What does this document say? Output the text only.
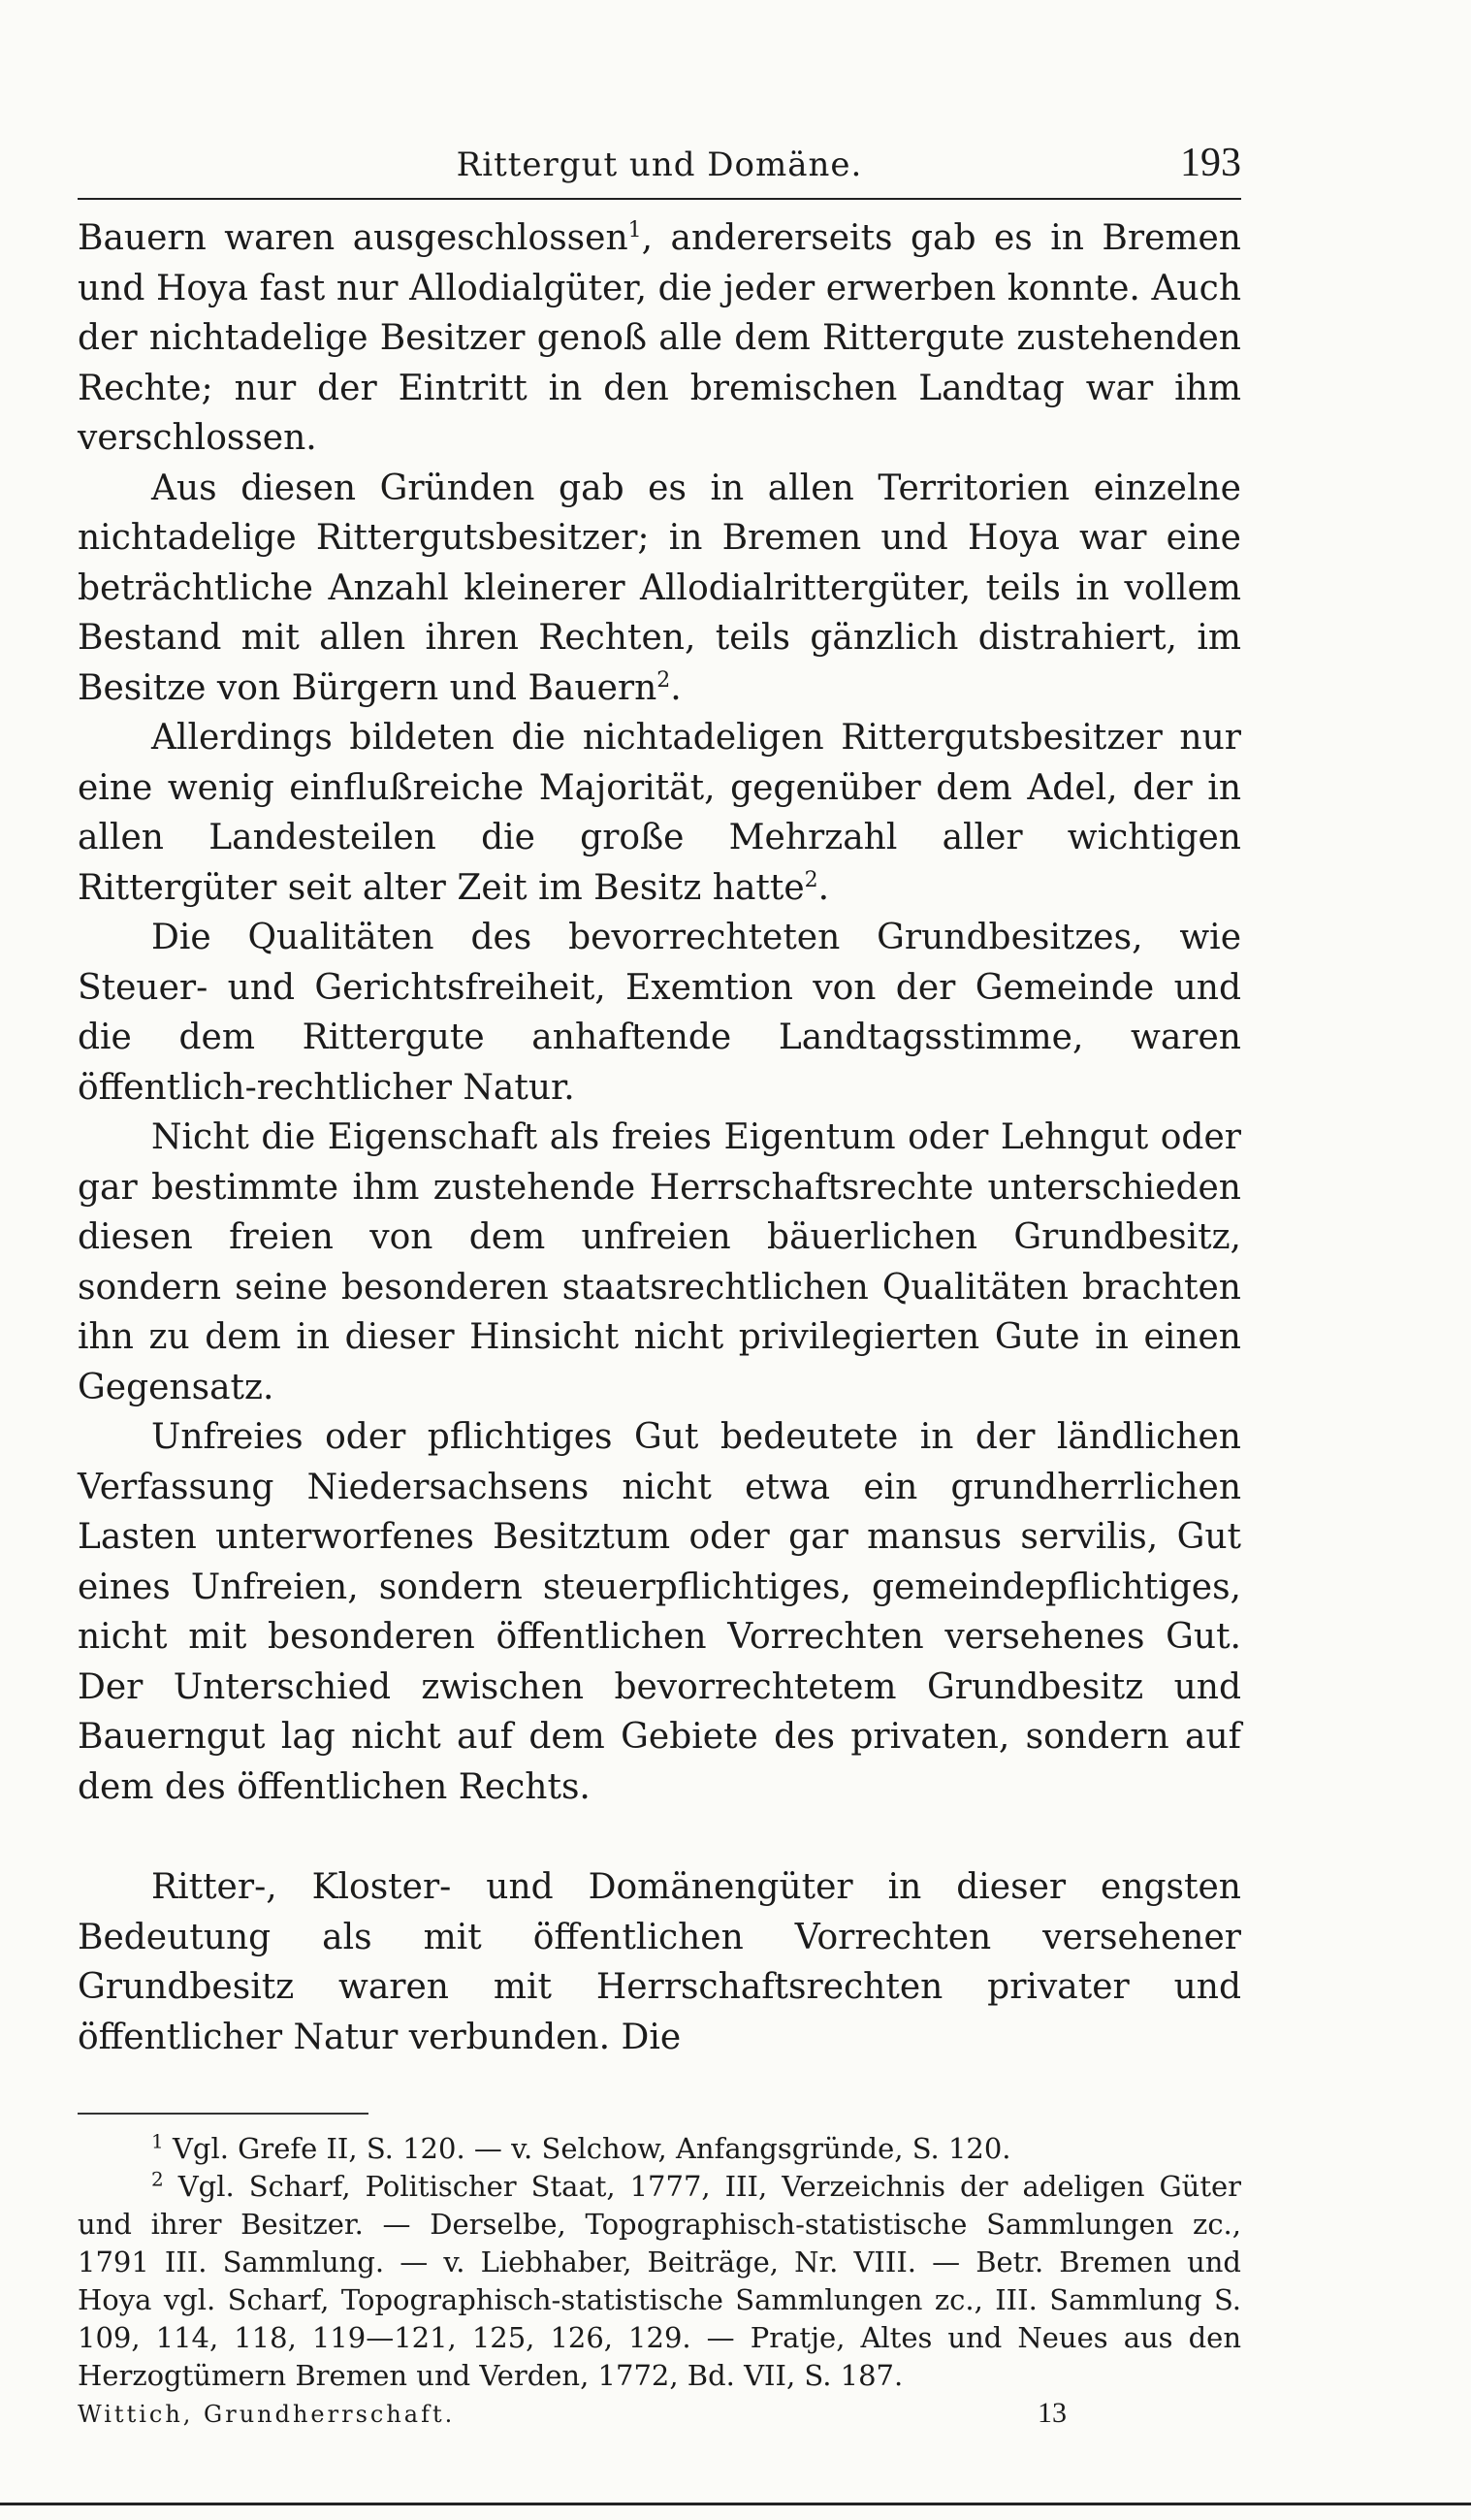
Rittergut und Domäne.	193

Bauern waren ausgeschlossen$^1$, andererseits gab es in Bremen und Hoya fast nur Allodialgüter, die jeder erwerben konnte. Auch der nichtadelige Besitzer genoß alle dem Rittergute zustehenden Rechte; nur der Eintritt in den bremischen Landtag war ihm verschlossen.

Aus diesen Gründen gab es in allen Territorien einzelne nichtadelige Rittergutsbesitzer; in Bremen und Hoya war eine beträchtliche Anzahl kleinerer Allodialrittergüter, teils in vollem Bestand mit allen ihren Rechten, teils gänzlich distrahiert, im Besitze von Bürgern und Bauern$^2$.

Allerdings bildeten die nichtadeligen Rittergutsbesitzer nur eine wenig einflußreiche Majorität, gegenüber dem Adel, der in allen Landesteilen die große Mehrzahl aller wichtigen Rittergüter seit alter Zeit im Besitz hatte$^2$.

Die Qualitäten des bevorrechteten Grundbesitzes, wie Steuer- und Gerichtsfreiheit, Exemtion von der Gemeinde und die dem Rittergute anhaftende Landtagsstimme, waren öffentlich-rechtlicher Natur.

Nicht die Eigenschaft als freies Eigentum oder Lehngut oder gar bestimmte ihm zustehende Herrschaftsrechte unterschieden diesen freien von dem unfreien bäuerlichen Grundbesitz, sondern seine besonderen staatsrechtlichen Qualitäten brachten ihn zu dem in dieser Hinsicht nicht privilegierten Gute in einen Gegensatz.

Unfreies oder pflichtiges Gut bedeutete in der ländlichen Verfassung Niedersachsens nicht etwa ein grundherrlichen Lasten unterworfenes Besitztum oder gar mansus servilis, Gut eines Unfreien, sondern steuerpflichtiges, gemeindepflichtiges, nicht mit besonderen öffentlichen Vorrechten versehenes Gut. Der Unterschied zwischen bevorrechtetem Grundbesitz und Bauerngut lag nicht auf dem Gebiete des privaten, sondern auf dem des öffentlichen Rechts.

Ritter-, Kloster- und Domänengüter in dieser engsten Bedeutung als mit öffentlichen Vorrechten versehener Grundbesitz waren mit Herrschaftsrechten privater und öffentlicher Natur verbunden. Die

$^1$ Vgl. Grefe II, S. 120. — v. Selchow, Anfangsgründe, S. 120.

$^2$ Vgl. Scharf, Politischer Staat, 1777, III, Verzeichnis der adeligen Güter und ihrer Besitzer. — Derselbe, Topographisch-statistische Sammlungen zc., 1791 III. Sammlung. — v. Liebhaber, Beiträge, Nr. VIII. — Betr. Bremen und Hoya vgl. Scharf, Topographisch-statistische Sammlungen zc., III. Sammlung S. 109, 114, 118, 119—121, 125, 126, 129. — Pratje, Altes und Neues aus den Herzogtümern Bremen und Verden, 1772, Bd. VII, S. 187.

Wittich, Grundherrschaft.	13
